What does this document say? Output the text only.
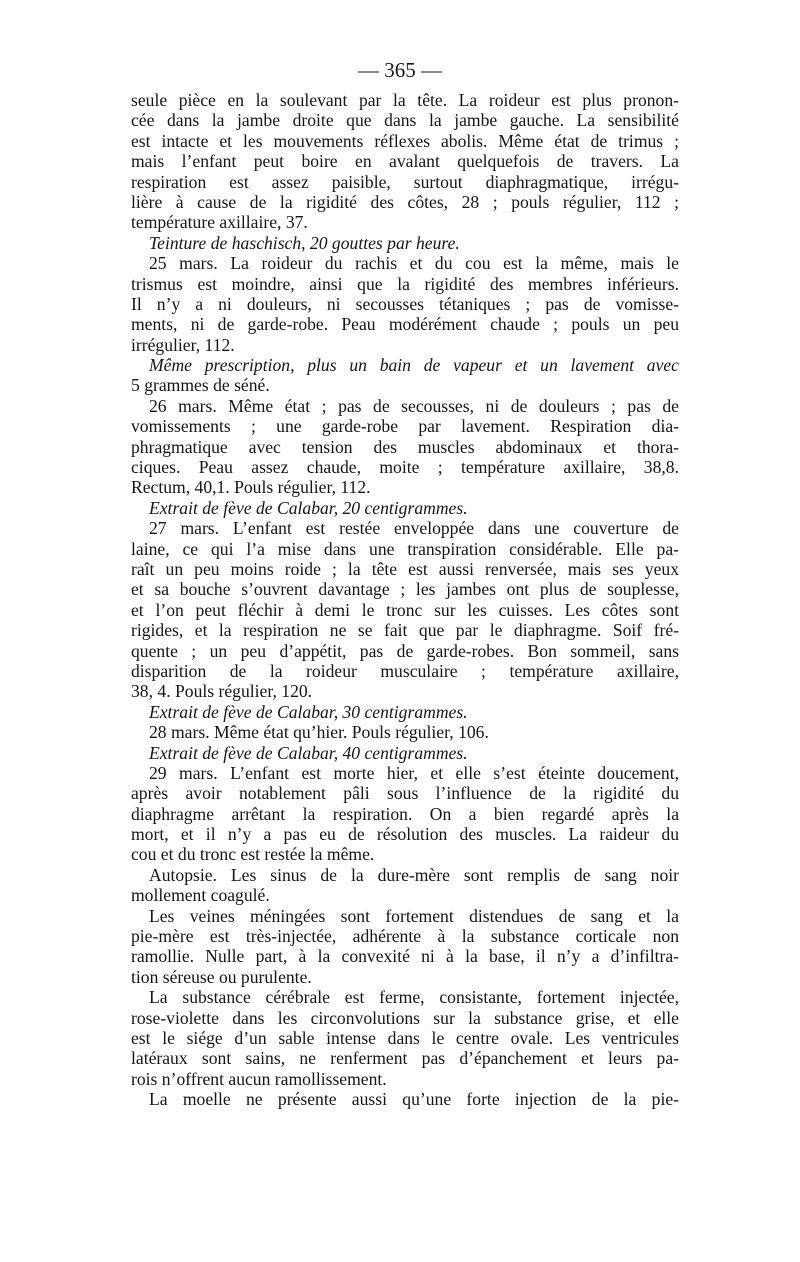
— 365 —
seule pièce en la soulevant par la tête. La roideur est plus pronon-
cée dans la jambe droite que dans la jambe gauche. La sensibilité
est intacte et les mouvements réflexes abolis. Même état de trimus ;
mais l’enfant peut boire en avalant quelquefois de travers. La
respiration est assez paisible, surtout diaphragmatique, irrégu-
lière à cause de la rigidité des côtes, 28 ; pouls régulier, 112 ;
température axillaire, 37.
Teinture de haschisch, 20 gouttes par heure.
25 mars. La roideur du rachis et du cou est la même, mais le
trismus est moindre, ainsi que la rigidité des membres inférieurs.
Il n’y a ni douleurs, ni secousses tétaniques ; pas de vomisse-
ments, ni de garde-robe. Peau modérément chaude ; pouls un peu
irrégulier, 112.
Même prescription, plus un bain de vapeur et un lavement avec
5 grammes de séné.
26 mars. Même état ; pas de secousses, ni de douleurs ; pas de
vomissements ; une garde-robe par lavement. Respiration dia-
phragmatique avec tension des muscles abdominaux et thora-
ciques. Peau assez chaude, moite ; température axillaire, 38,8.
Rectum, 40,1. Pouls régulier, 112.
Extrait de fève de Calabar, 20 centigrammes.
27 mars. L’enfant est restée enveloppée dans une couverture de
laine, ce qui l’a mise dans une transpiration considérable. Elle pa-
raît un peu moins roide ; la tête est aussi renversée, mais ses yeux
et sa bouche s’ouvrent davantage ; les jambes ont plus de souplesse,
et l’on peut fléchir à demi le tronc sur les cuisses. Les côtes sont
rigides, et la respiration ne se fait que par le diaphragme. Soif fré-
quente ; un peu d’appétit, pas de garde-robes. Bon sommeil, sans
disparition de la roideur musculaire ; température axillaire,
38, 4. Pouls régulier, 120.
Extrait de fève de Calabar, 30 centigrammes.
28 mars. Même état qu’hier. Pouls régulier, 106.
Extrait de fève de Calabar, 40 centigrammes.
29 mars. L’enfant est morte hier, et elle s’est éteinte doucement,
après avoir notablement pâli sous l’influence de la rigidité du
diaphragme arrêtant la respiration. On a bien regardé après la
mort, et il n’y a pas eu de résolution des muscles. La raideur du
cou et du tronc est restée la même.
Autopsie. Les sinus de la dure-mère sont remplis de sang noir
mollement coagulé.
Les veines méningées sont fortement distendues de sang et la
pie-mère est très-injectée, adhérente à la substance corticale non
ramollie. Nulle part, à la convexité ni à la base, il n’y a d’infiltra-
tion séreuse ou purulente.
La substance cérébrale est ferme, consistante, fortement injectée,
rose-violette dans les circonvolutions sur la substance grise, et elle
est le siége d’un sable intense dans le centre ovale. Les ventricules
latéraux sont sains, ne renferment pas d’épanchement et leurs pa-
rois n’offrent aucun ramollissement.
La moelle ne présente aussi qu’une forte injection de la pie-
